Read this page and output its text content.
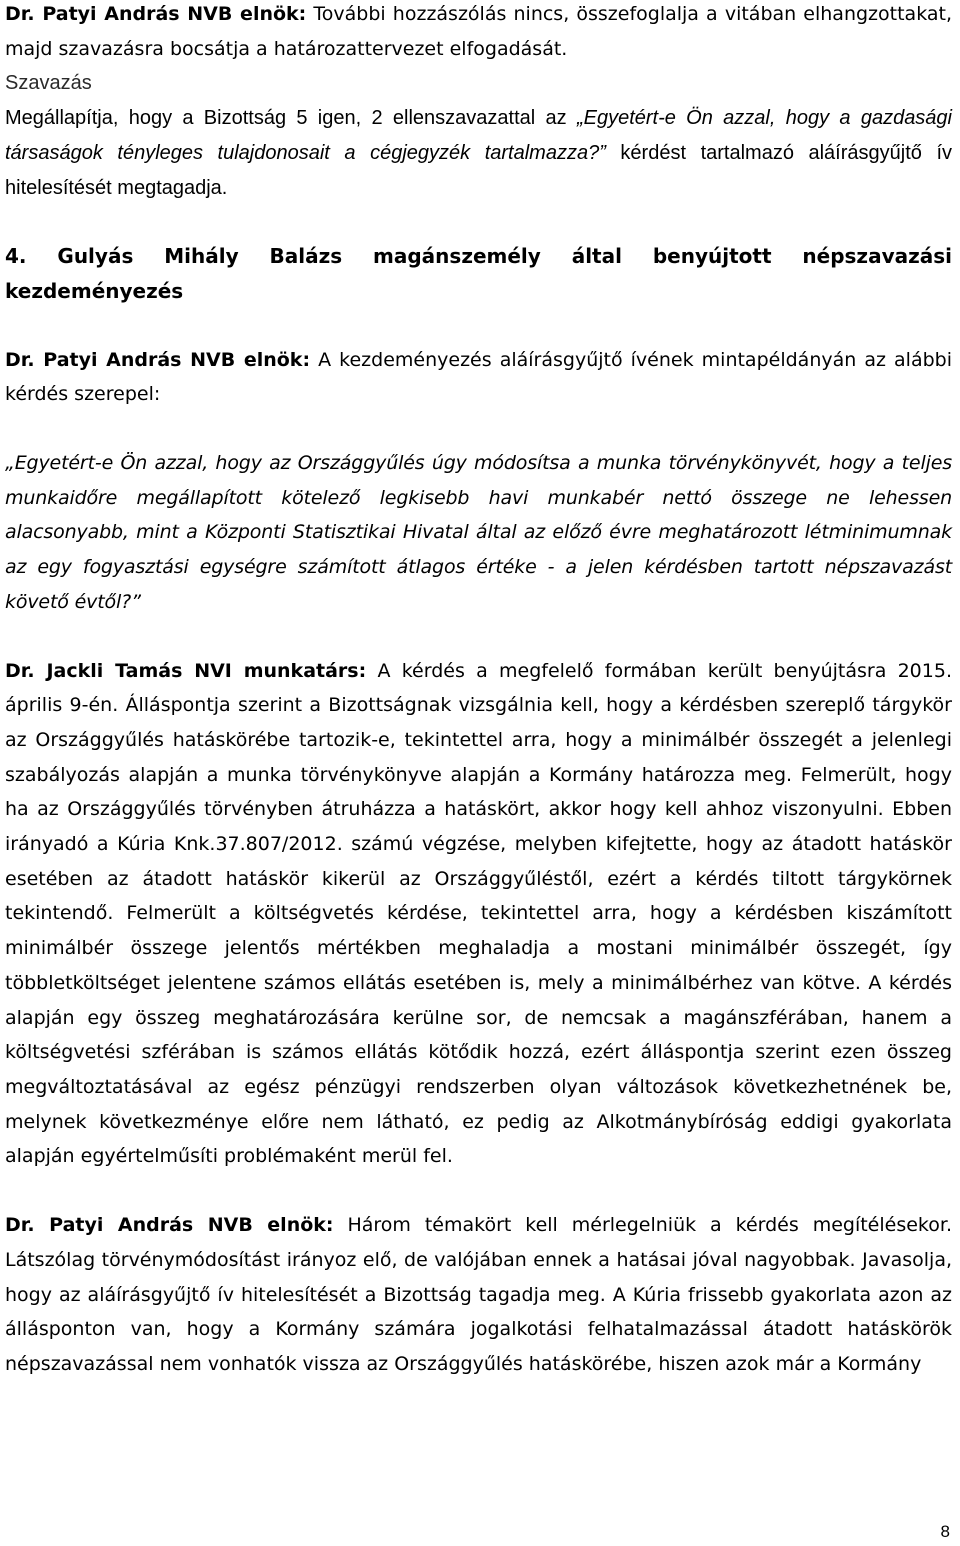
Dr. Patyi András NVB elnök: További hozzászólás nincs, összefoglalja a vitában elhangzottakat, majd szavazásra bocsátja a határozattervezet elfogadását.

Szavazás
Megállapítja, hogy a Bizottság 5 igen, 2 ellenszavazattal az „Egyetért-e Ön azzal, hogy a gazdasági társaságok tényleges tulajdonosait a cégjegyzék tartalmazza?” kérdést tartalmazó aláírásgyűjtő ív hitelesítését megtagadja.

4. Gulyás Mihály Balázs magánszemély által benyújtott népszavazási kezdeményezés

Dr. Patyi András NVB elnök: A kezdeményezés aláírásgyűjtő ívének mintapéldányán az alábbi kérdés szerepel:

„Egyetért-e Ön azzal, hogy az Országgyűlés úgy módosítsa a munka törvénykönyvét, hogy a teljes munkaidőre megállapított kötelező legkisebb havi munkabér nettó összege ne lehessen alacsonyabb, mint a Központi Statisztikai Hivatal által az előző évre meghatározott létminimumnak az egy fogyasztási egységre számított átlagos értéke - a jelen kérdésben tartott népszavazást követő évtől?”

Dr. Jackli Tamás NVI munkatárs: A kérdés a megfelelő formában került benyújtásra 2015. április 9-én. Álláspontja szerint a Bizottságnak vizsgálnia kell, hogy a kérdésben szereplő tárgykör az Országgyűlés hatáskörébe tartozik-e, tekintettel arra, hogy a minimálbér összegét a jelenlegi szabályozás alapján a munka törvénykönyve alapján a Kormány határozza meg. Felmerült, hogy ha az Országgyűlés törvényben átruházza a hatáskört, akkor hogy kell ahhoz viszonyulni. Ebben irányadó a Kúria Knk.37.807/2012. számú végzése, melyben kifejtette, hogy az átadott hatáskör esetében az átadott hatáskör kikerül az Országgyűléstől, ezért a kérdés tiltott tárgykörnek tekintendő. Felmerült a költségvetés kérdése, tekintettel arra, hogy a kérdésben kiszámított minimálbér összege jelentős mértékben meghaladja a mostani minimálbér összegét, így többletköltséget jelentene számos ellátás esetében is, mely a minimálbérhez van kötve. A kérdés alapján egy összeg meghatározására kerülne sor, de nemcsak a magánszférában, hanem a költségvetési szférában is számos ellátás kötődik hozzá, ezért álláspontja szerint ezen összeg megváltoztatásával az egész pénzügyi rendszerben olyan változások következhetnének be, melynek következménye előre nem látható, ez pedig az Alkotmánybíróság eddigi gyakorlata alapján egyértelműsíti problémaként merül fel.

Dr. Patyi András NVB elnök: Három témakört kell mérlegelniük a kérdés megítélésekor. Látszólag törvénymódosítást irányoz elő, de valójában ennek a hatásai jóval nagyobbak. Javasolja, hogy az aláírásgyűjtő ív hitelesítését a Bizottság tagadja meg. A Kúria frissebb gyakorlata azon az állásponton van, hogy a Kormány számára jogalkotási felhatalmazással átadott hatáskörök népszavazással nem vonhatók vissza az Országgyűlés hatáskörébe, hiszen azok már a Kormány

8
